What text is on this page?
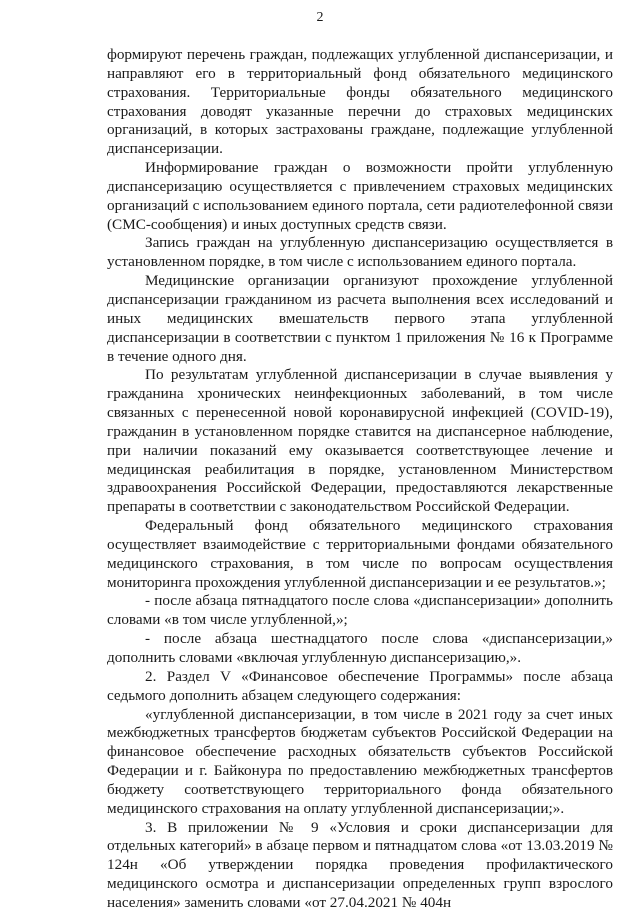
2

формируют перечень граждан, подлежащих углубленной диспансеризации, и направляют его в территориальный фонд обязательного медицинского страхования. Территориальные фонды обязательного медицинского страхования доводят указанные перечни до страховых медицинских организаций, в которых застрахованы граждане, подлежащие углубленной диспансеризации.

Информирование граждан о возможности пройти углубленную диспансеризацию осуществляется с привлечением страховых медицинских организаций с использованием единого портала, сети радиотелефонной связи (СМС-сообщения) и иных доступных средств связи.

Запись граждан на углубленную диспансеризацию осуществляется в установленном порядке, в том числе с использованием единого портала.

Медицинские организации организуют прохождение углубленной диспансеризации гражданином из расчета выполнения всех исследований и иных медицинских вмешательств первого этапа углубленной диспансеризации в соответствии с пунктом 1 приложения № 16 к Программе в течение одного дня.

По результатам углубленной диспансеризации в случае выявления у гражданина хронических неинфекционных заболеваний, в том числе связанных с перенесенной новой коронавирусной инфекцией (COVID-19), гражданин в установленном порядке ставится на диспансерное наблюдение, при наличии показаний ему оказывается соответствующее лечение и медицинская реабилитация в порядке, установленном Министерством здравоохранения Российской Федерации, предоставляются лекарственные препараты в соответствии с законодательством Российской Федерации.

Федеральный фонд обязательного медицинского страхования осуществляет взаимодействие с территориальными фондами обязательного медицинского страхования, в том числе по вопросам осуществления мониторинга прохождения углубленной диспансеризации и ее результатов.»;

- после абзаца пятнадцатого после слова «диспансеризации» дополнить словами «в том числе углубленной,»;

- после абзаца шестнадцатого после слова «диспансеризации,» дополнить словами «включая углубленную диспансеризацию,».

2. Раздел V «Финансовое обеспечение Программы» после абзаца седьмого дополнить абзацем следующего содержания:

«углубленной диспансеризации, в том числе в 2021 году за счет иных межбюджетных трансфертов бюджетам субъектов Российской Федерации на финансовое обеспечение расходных обязательств субъектов Российской Федерации и г. Байконура по предоставлению межбюджетных трансфертов бюджету соответствующего территориального фонда обязательного медицинского страхования на оплату углубленной диспансеризации;».

3. В приложении № 9 «Условия и сроки диспансеризации для отдельных категорий» в абзаце первом и пятнадцатом слова «от 13.03.2019 № 124н «Об утверждении порядка проведения профилактического медицинского осмотра и диспансеризации определенных групп взрослого населения» заменить словами «от 27.04.2021 № 404н
